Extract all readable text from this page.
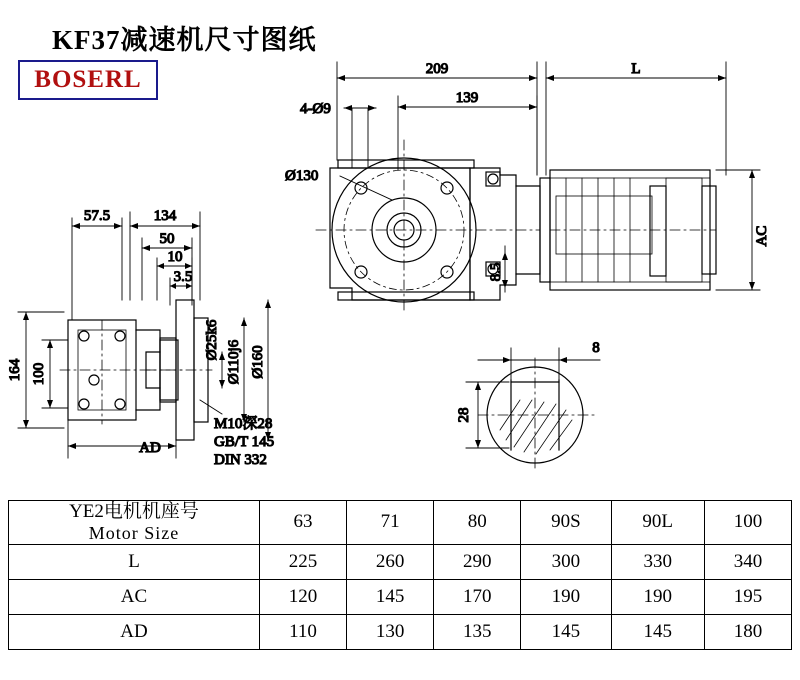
KF37减速机尺寸图纸
BOSERL	209	L
139
4-Ø9
Ø130
AC
8.5
57.5	134
50
10
3.5
164 100
AD
Ø25k6 Ø110j6 Ø160
M10深28
GB/T 145
DIN 332
8
28
YE2电机机座号
Motor Size	63	71	80	90S	90L	100
L	225	260	290	300	330	340
AC	120	145	170	190	190	195
AD	110	130	135	145	145	180
